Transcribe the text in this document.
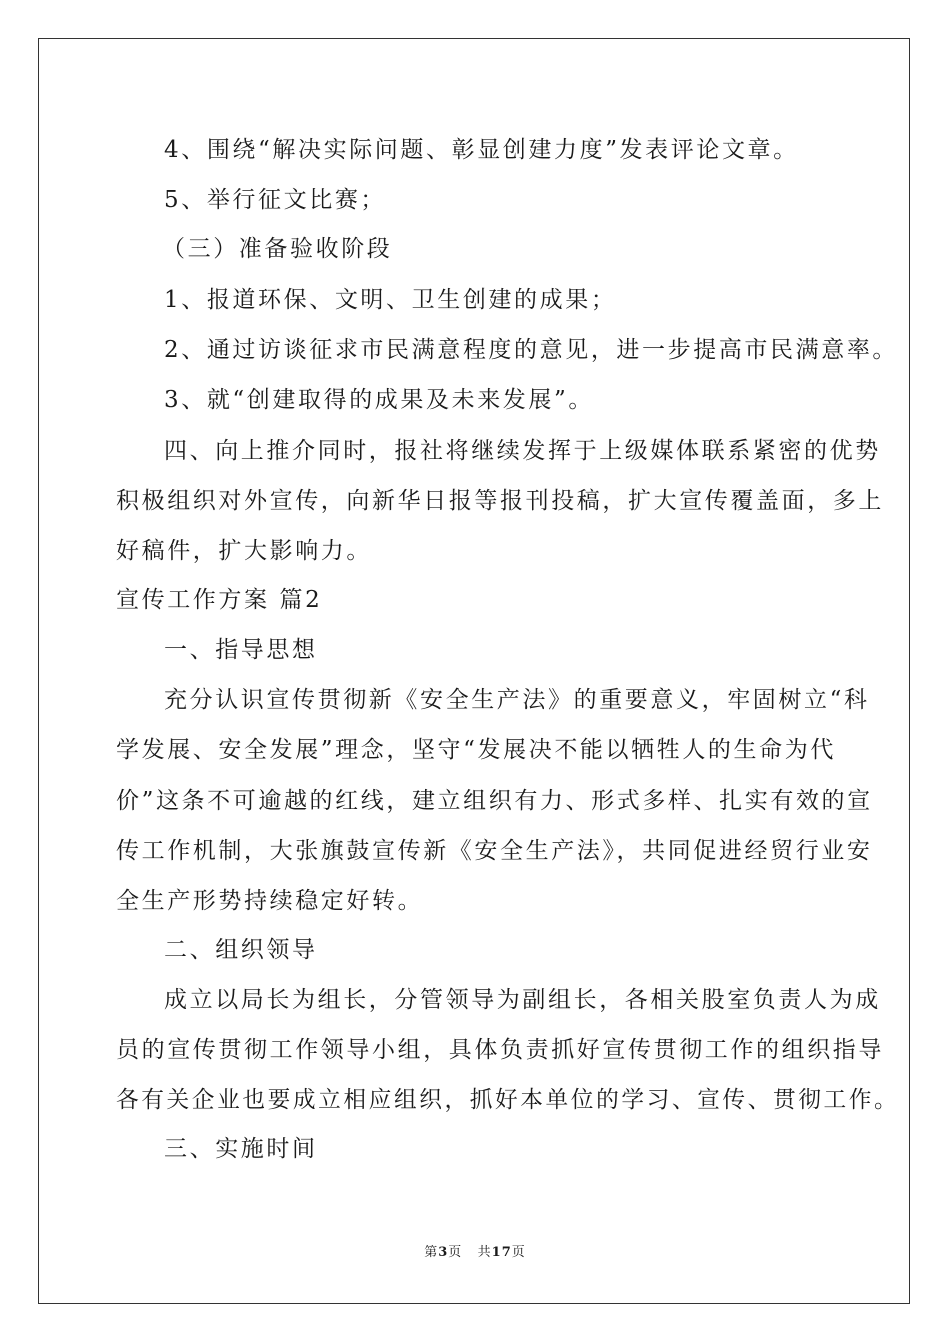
4、围绕“解决实际问题、彰显创建力度”发表评论文章。
5、举行征文比赛；
（三）准备验收阶段
1、报道环保、文明、卫生创建的成果；
2、通过访谈征求市民满意程度的意见，进一步提高市民满意率。
3、就“创建取得的成果及未来发展”。
四、向上推介同时，报社将继续发挥于上级媒体联系紧密的优势
积极组织对外宣传，向新华日报等报刊投稿，扩大宣传覆盖面，多上
好稿件，扩大影响力。
宣传工作方案 篇2
一、指导思想
充分认识宣传贯彻新《安全生产法》的重要意义，牢固树立“科
学发展、安全发展”理念，坚守“发展决不能以牺牲人的生命为代
价”这条不可逾越的红线，建立组织有力、形式多样、扎实有效的宣
传工作机制，大张旗鼓宣传新《安全生产法》，共同促进经贸行业安
全生产形势持续稳定好转。
二、组织领导
成立以局长为组长，分管领导为副组长，各相关股室负责人为成
员的宣传贯彻工作领导小组，具体负责抓好宣传贯彻工作的组织指导
各有关企业也要成立相应组织，抓好本单位的学习、宣传、贯彻工作。
三、实施时间
第3页   共17页
